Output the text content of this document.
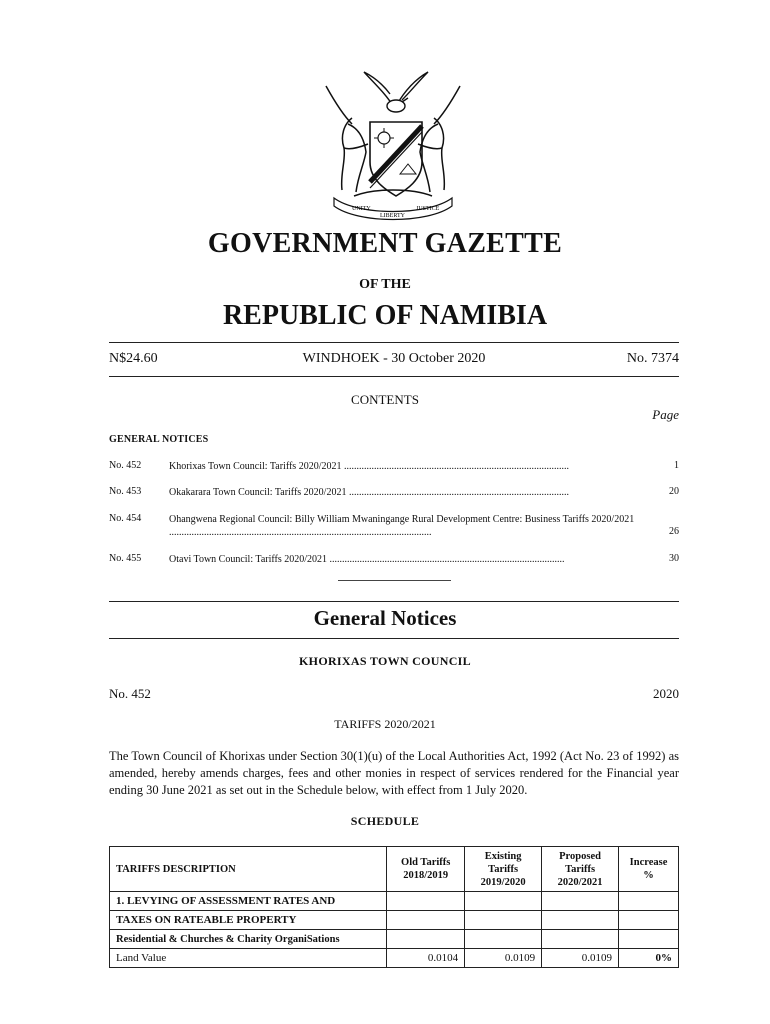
UNITY
LIBERTY
JUSTICE
GOVERNMENT GAZETTE
OF THE
REPUBLIC OF NAMIBIA
N$24.60	WINDHOEK - 30 October 2020	No. 7374
CONTENTS
Page
GENERAL NOTICES
No. 452	Khorixas Town Council: Tariffs 2020/2021 ..........................................................................................	1
No. 453	Okakarara Town Council: Tariffs 2020/2021 ........................................................................................	20
No. 454	Ohangwena Regional Council: Billy William Mwaningange Rural Development Centre: Business Tariffs 2020/2021 .........................................................................................................	26
No. 455	Otavi Town Council: Tariffs 2020/2021 ..............................................................................................	30
General Notices
KHORIXAS TOWN COUNCIL
No. 452	2020
TARIFFS 2020/2021
The Town Council of Khorixas under Section 30(1)(u) of the Local Authorities Act, 1992 (Act No. 23 of 1992) as amended, hereby amends charges, fees and other monies in respect of services rendered for the Financial year ending 30 June 2021 as set out in the Schedule below, with effect from 1 July 2020.
SCHEDULE
TARIFFS DESCRIPTION	Old Tariffs 2018/2019	Existing Tariffs 2019/2020	Proposed Tariffs 2020/2021	Increase %
1. LEVYING OF ASSESSMENT RATES AND				
TAXES ON RATEABLE PROPERTY				
Residential & Churches & Charity OrganiSations				
Land Value	0.0104	0.0109	0.0109	0%
